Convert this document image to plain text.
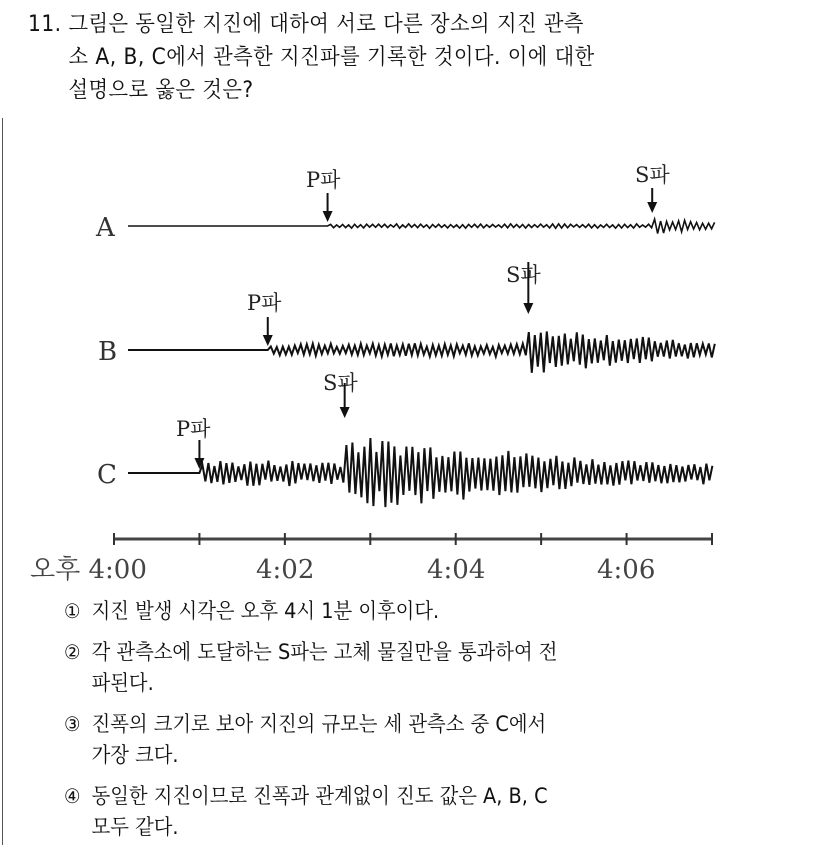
11. 그림은 동일한 지진에 대하여 서로 다른 장소의 지진 관측
소 A, B, C에서 관측한 지진파를 기록한 것이다. 이에 대한
설명으로 옳은 것은?
A
B
C
P파	S파
P파
S파
P파
S파
오후 4:00	4:02	4:04	4:06
① 지진 발생 시각은 오후 4시 1분 이후이다.
② 각 관측소에 도달하는 S파는 고체 물질만을 통과하여 전
파된다.
③ 진폭의 크기로 보아 지진의 규모는 세 관측소 중 C에서
가장 크다.
④ 동일한 지진이므로 진폭과 관계없이 진도 값은 A, B, C
모두 같다.
